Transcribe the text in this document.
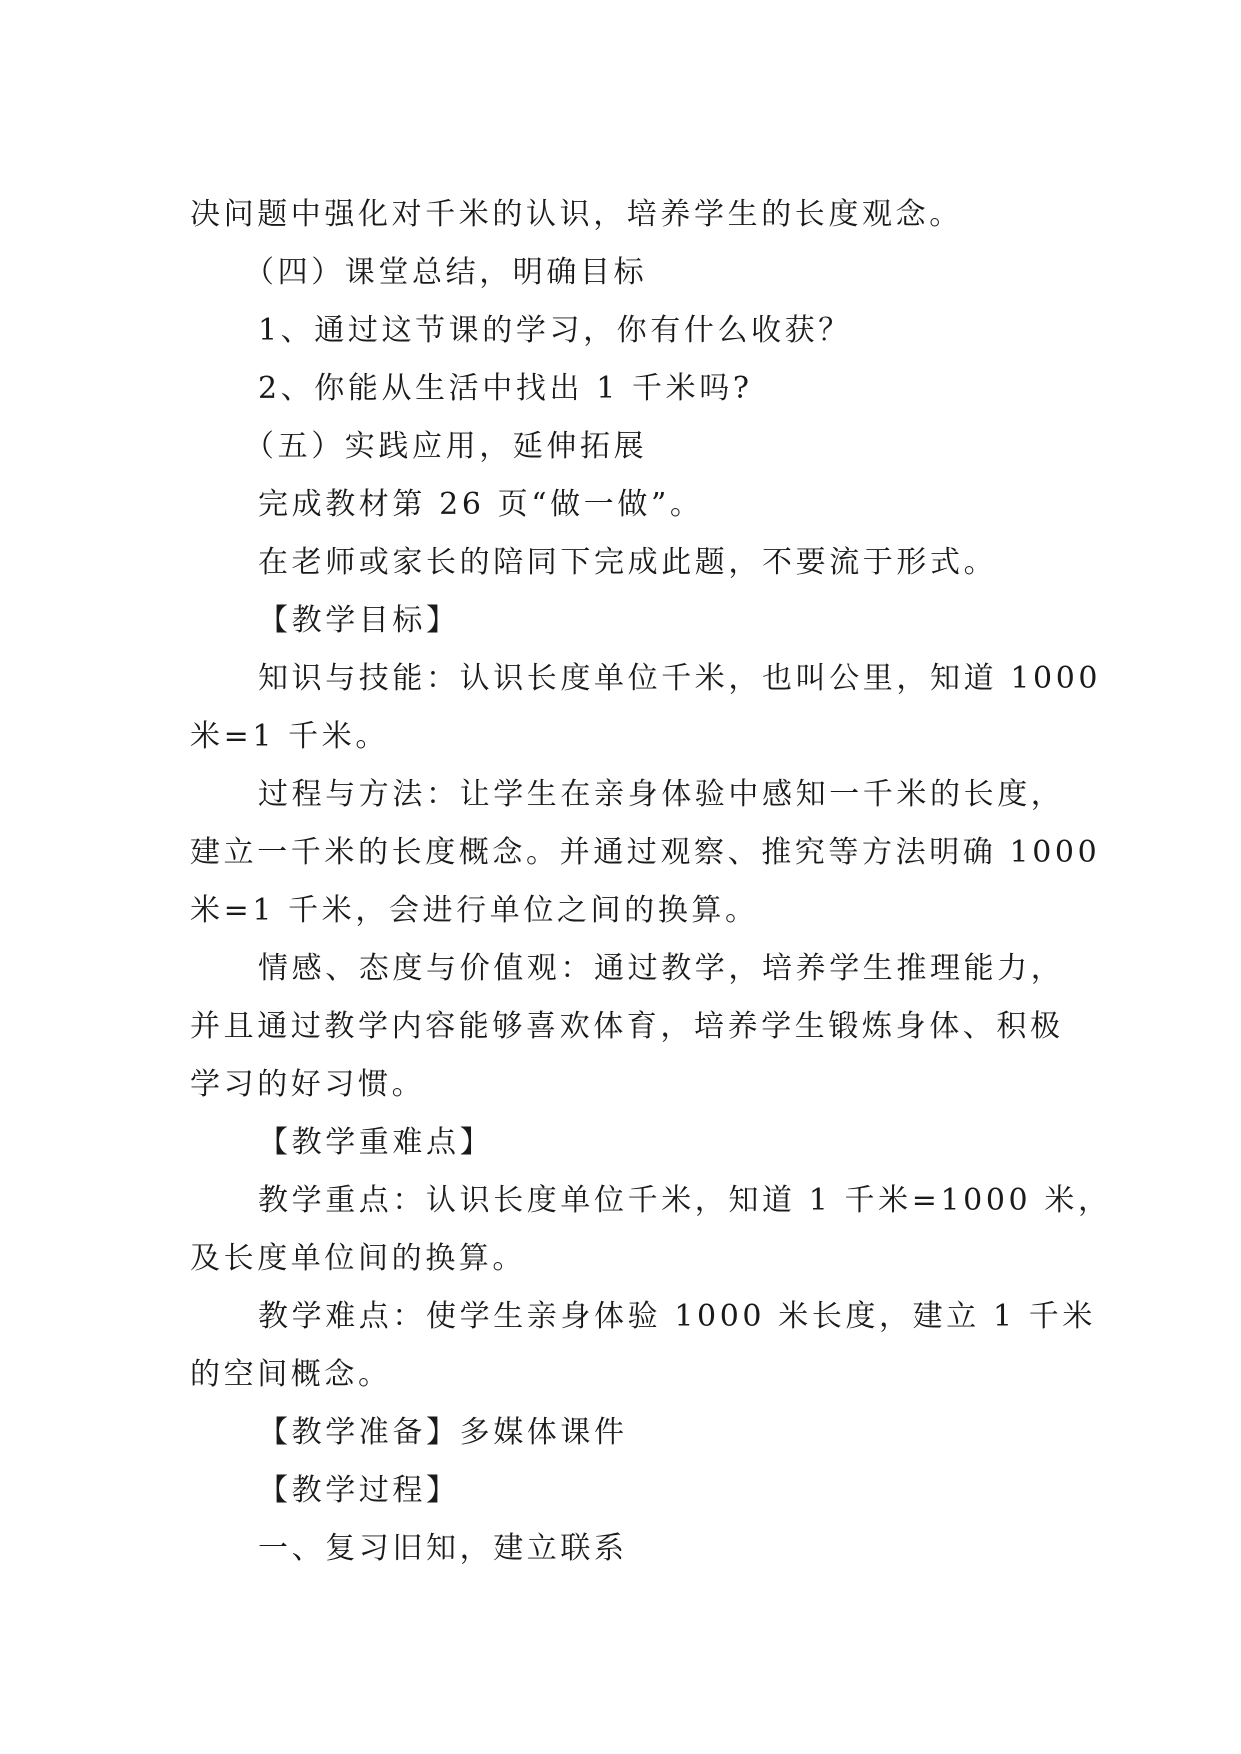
决问题中强化对千米的认识，培养学生的长度观念。

（四）课堂总结，明确目标

1、通过这节课的学习，你有什么收获？

2、你能从生活中找出 1 千米吗?

（五）实践应用，延伸拓展

完成教材第 26 页“做一做”。

在老师或家长的陪同下完成此题，不要流于形式。

【教学目标】

知识与技能：认识长度单位千米，也叫公里，知道 1000

米=1 千米。

过程与方法：让学生在亲身体验中感知一千米的长度，

建立一千米的长度概念。并通过观察、推究等方法明确 1000

米=1 千米，会进行单位之间的换算。

情感、态度与价值观：通过教学，培养学生推理能力，

并且通过教学内容能够喜欢体育，培养学生锻炼身体、积极

学习的好习惯。

【教学重难点】

教学重点：认识长度单位千米，知道 1 千米=1000 米，

及长度单位间的换算。

教学难点：使学生亲身体验 1000 米长度，建立 1 千米

的空间概念。

【教学准备】多媒体课件

【教学过程】

一、复习旧知，建立联系
